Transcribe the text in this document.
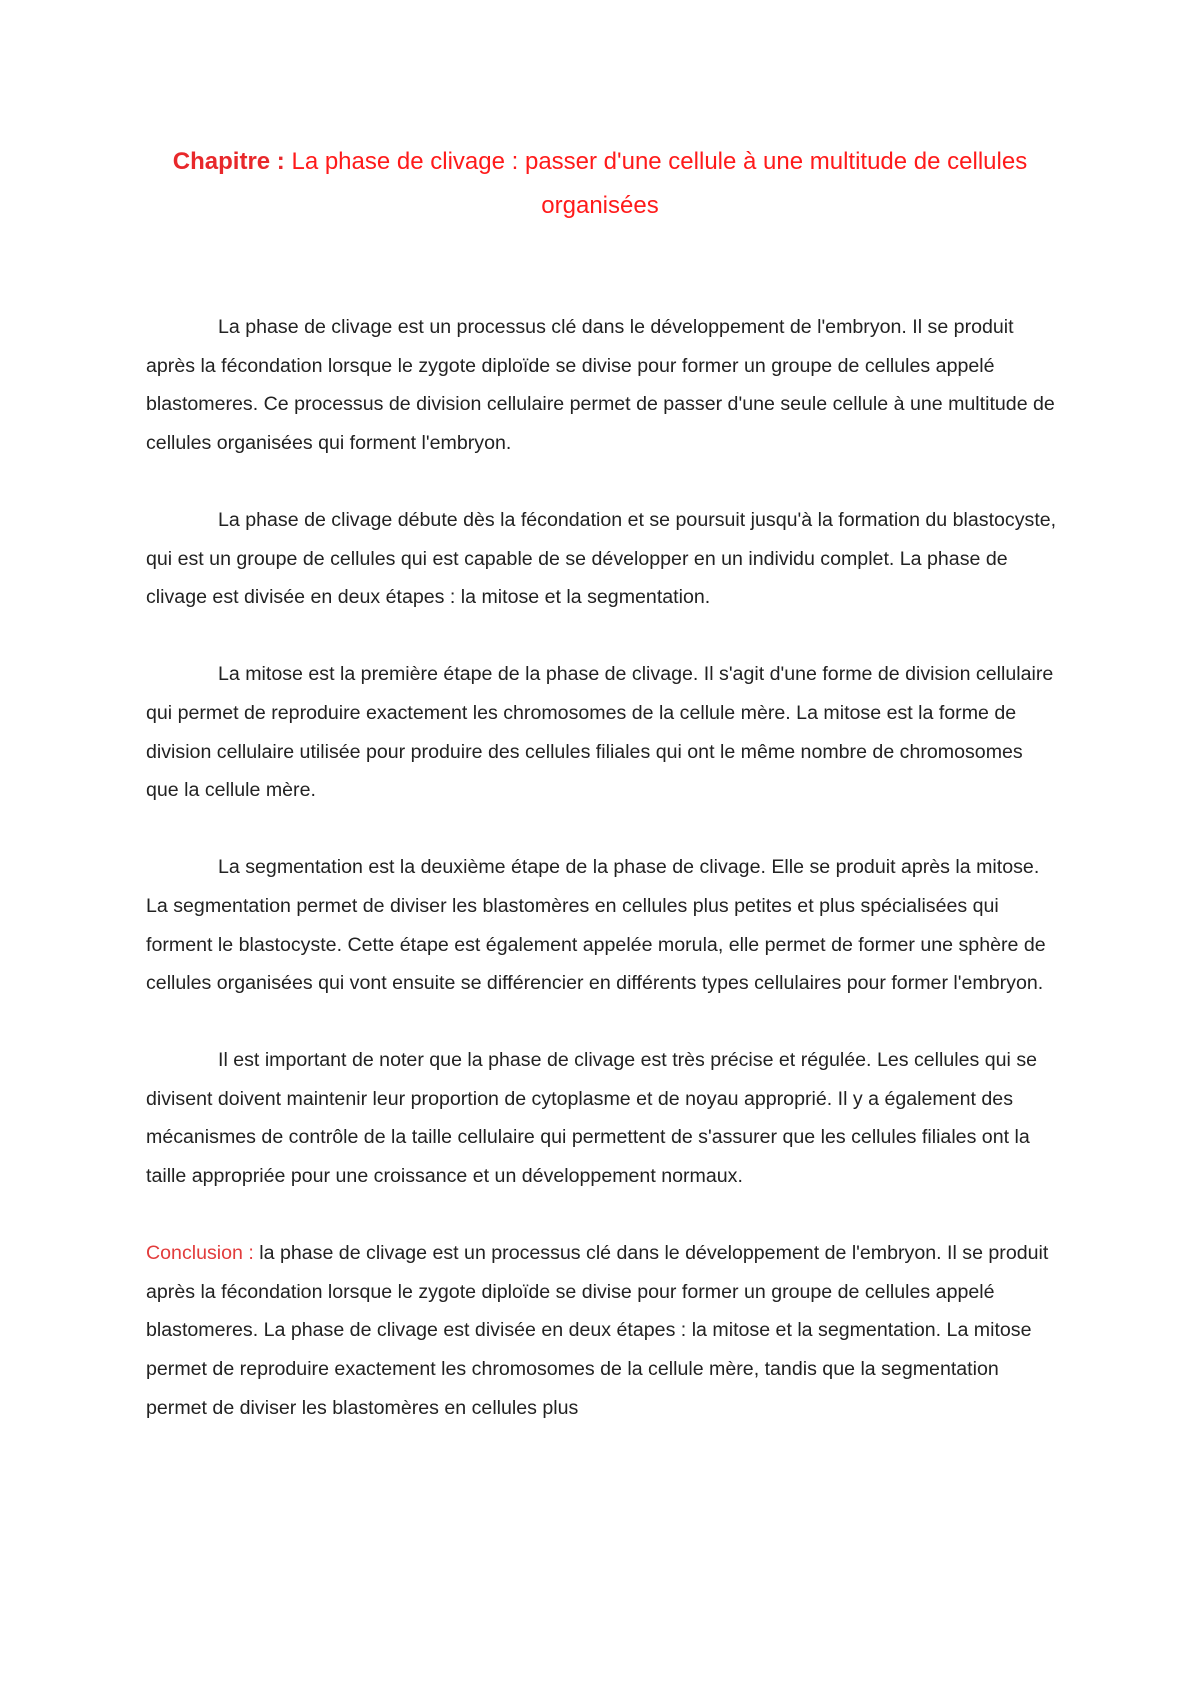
Chapitre : La phase de clivage : passer d'une cellule à une multitude de cellules organisées

La phase de clivage est un processus clé dans le développement de l'embryon. Il se produit après la fécondation lorsque le zygote diploïde se divise pour former un groupe de cellules appelé blastomeres. Ce processus de division cellulaire permet de passer d'une seule cellule à une multitude de cellules organisées qui forment l'embryon.

La phase de clivage débute dès la fécondation et se poursuit jusqu'à la formation du blastocyste, qui est un groupe de cellules qui est capable de se développer en un individu complet. La phase de clivage est divisée en deux étapes : la mitose et la segmentation.

La mitose est la première étape de la phase de clivage. Il s'agit d'une forme de division cellulaire qui permet de reproduire exactement les chromosomes de la cellule mère. La mitose est la forme de division cellulaire utilisée pour produire des cellules filiales qui ont le même nombre de chromosomes que la cellule mère.

La segmentation est la deuxième étape de la phase de clivage. Elle se produit après la mitose. La segmentation permet de diviser les blastomères en cellules plus petites et plus spécialisées qui forment le blastocyste. Cette étape est également appelée morula, elle permet de former une sphère de cellules organisées qui vont ensuite se différencier en différents types cellulaires pour former l'embryon.

Il est important de noter que la phase de clivage est très précise et régulée. Les cellules qui se divisent doivent maintenir leur proportion de cytoplasme et de noyau approprié. Il y a également des mécanismes de contrôle de la taille cellulaire qui permettent de s'assurer que les cellules filiales ont la taille appropriée pour une croissance et un développement normaux.

Conclusion : la phase de clivage est un processus clé dans le développement de l'embryon. Il se produit après la fécondation lorsque le zygote diploïde se divise pour former un groupe de cellules appelé blastomeres. La phase de clivage est divisée en deux étapes : la mitose et la segmentation. La mitose permet de reproduire exactement les chromosomes de la cellule mère, tandis que la segmentation permet de diviser les blastomères en cellules plus
